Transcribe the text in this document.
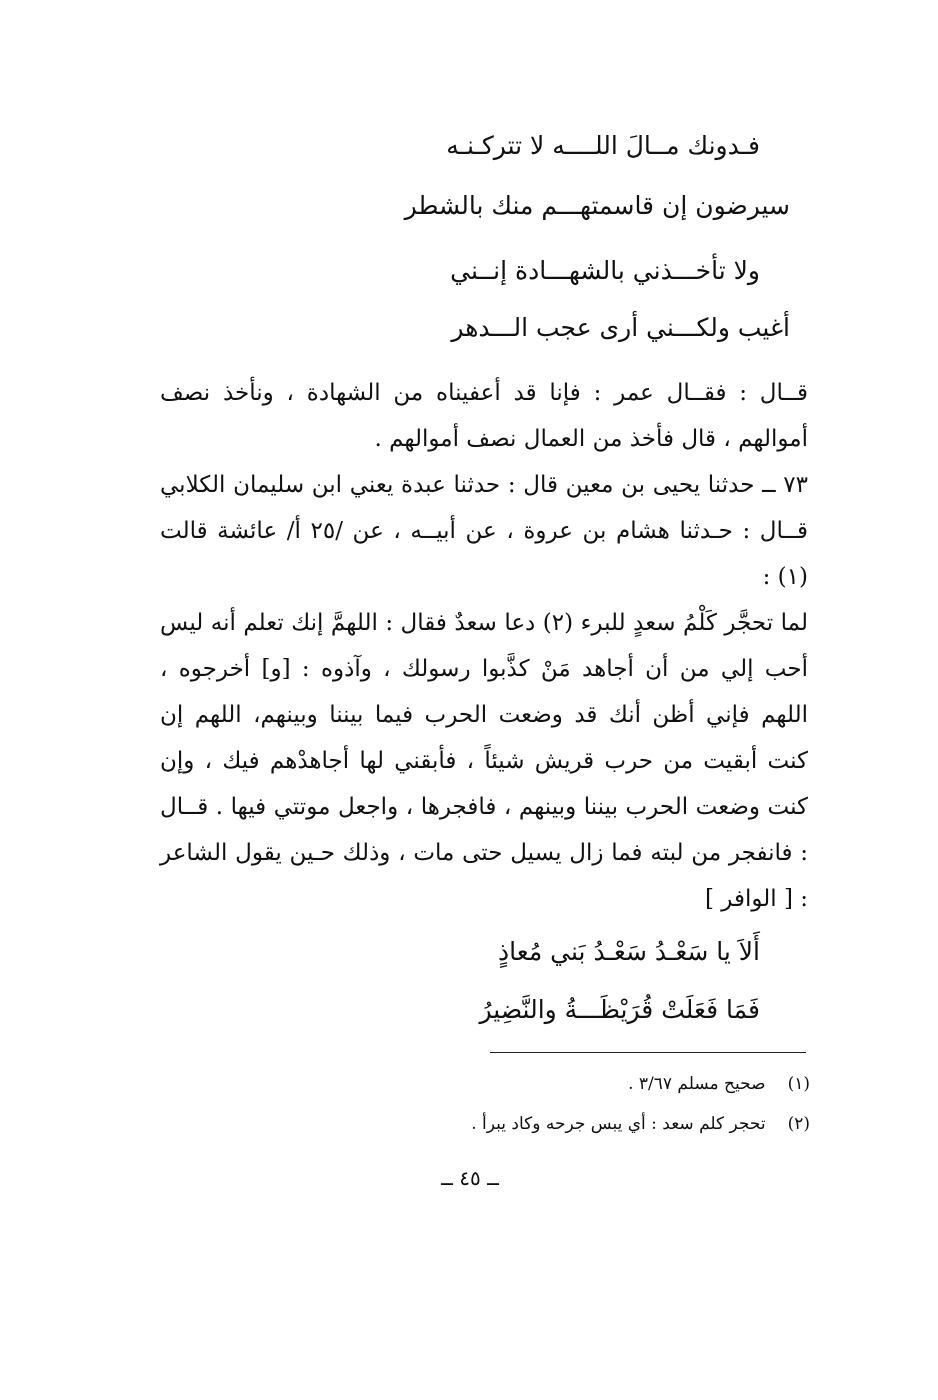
فـدونك مــالَ اللــــه لا تتركـنـه
سيرضون إن قاسمتهـــم منك بالشطر
ولا تأخـــذني بالشهـــادة إنــني
أغيب ولكـــني أرى عجب الـــدهر
قــال : فقــال عمر : فإنا قد أعفيناه من الشهادة ، ونأخذ نصف أموالهم ، قال فأخذ من العمال نصف أموالهم .
٧٣ ــ حدثنا يحيى بن معين قال : حدثنا عبدة يعني ابن سليمان الكلابي قــال : حـدثنا هشام بن عروة ، عن أبيــه ، عن /٢٥ أ/ عائشة قالت (١) :
لما تحجَّر كَلْمُ سعدٍ للبرء (٢) دعا سعدٌ فقال : اللهمَّ إنك تعلم أنه ليس أحب إلي من أن أجاهد مَنْ كذَّبوا رسولك ، وآذوه : [و] أخرجوه ، اللهم فإني أظن أنك قد وضعت الحرب فيما بيننا وبينهم، اللهم إن كنت أبقيت من حرب قريش شيئاً ، فأبقني لها أجاهدْهم فيك ، وإن كنت وضعت الحرب بيننا وبينهم ، فافجرها ، واجعل موتتي فيها . قــال : فانفجر من لبته فما زال يسيل حتى مات ، وذلك حـين يقول الشاعر : [ الوافر ]
أَلاَ يا سَعْـدُ سَعْـدُ بَني مُعاذٍ
فَمَا فَعَلَتْ قُرَيْظَـــةُ والنَّضِيرُ
(١)صحيح مسلم ٣/٦٧ .
(٢)تحجر كلم سعد : أي يبس جرحه وكاد يبرأ .
ــ ٤٥ ــ
